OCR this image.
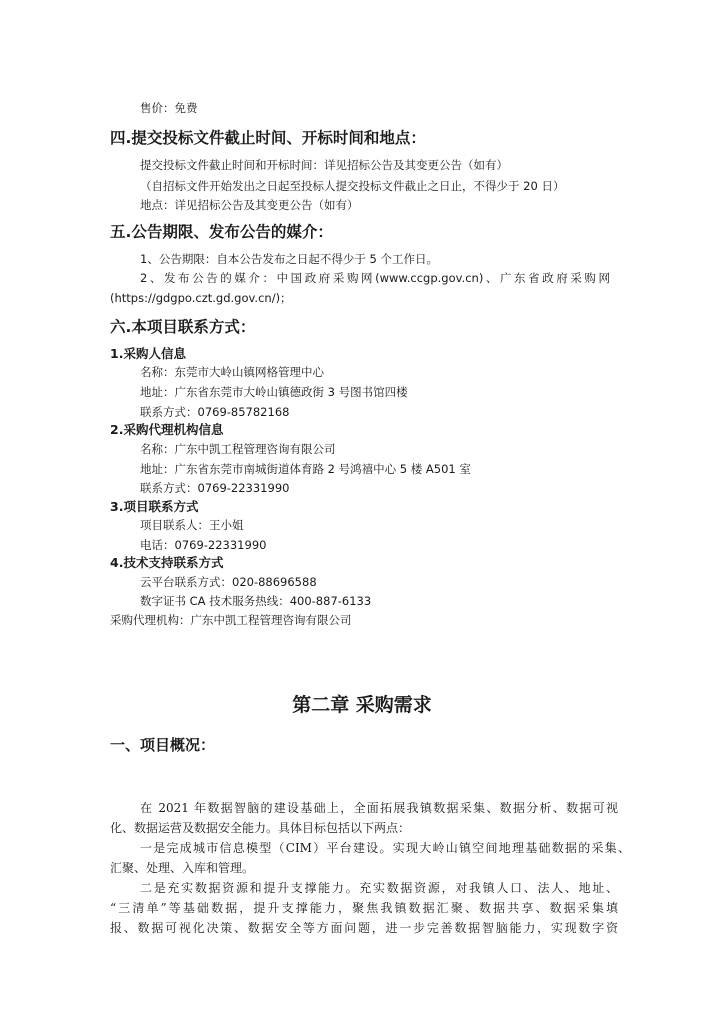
售价：免费
四.提交投标文件截止时间、开标时间和地点：
提交投标文件截止时间和开标时间：详见招标公告及其变更公告（如有）
（自招标文件开始发出之日起至投标人提交投标文件截止之日止，不得少于 20 日）
地点：详见招标公告及其变更公告（如有）
五.公告期限、发布公告的媒介：
1、公告期限：自本公告发布之日起不得少于 5 个工作日。
2、发布公告的媒介：中国政府采购网(www.ccgp.gov.cn)、广东省政府采购网
(https://gdgpo.czt.gd.gov.cn/)；
六.本项目联系方式：
1.采购人信息
名称：东莞市大岭山镇网格管理中心
地址：广东省东莞市大岭山镇德政街 3 号图书馆四楼
联系方式：0769-85782168
2.采购代理机构信息
名称：广东中凯工程管理咨询有限公司
地址：广东省东莞市南城街道体育路 2 号鸿禧中心 5 楼 A501 室
联系方式：0769-22331990
3.项目联系方式
项目联系人：王小姐
电话：0769-22331990
4.技术支持联系方式
云平台联系方式：020-88696588
数字证书 CA 技术服务热线：400-887-6133
采购代理机构：广东中凯工程管理咨询有限公司
第二章 采购需求
一、项目概况：
在 2021 年数据智脑的建设基础上，全面拓展我镇数据采集、数据分析、数据可视
化、数据运营及数据安全能力。具体目标包括以下两点：
一是完成城市信息模型（CIM）平台建设。实现大岭山镇空间地理基础数据的采集、
汇聚、处理、入库和管理。
二是充实数据资源和提升支撑能力。充实数据资源，对我镇人口、法人、地址、
“三清单”等基础数据，提升支撑能力，聚焦我镇数据汇聚、数据共享、数据采集填
报、数据可视化决策、数据安全等方面问题，进一步完善数据智脑能力，实现数字资
